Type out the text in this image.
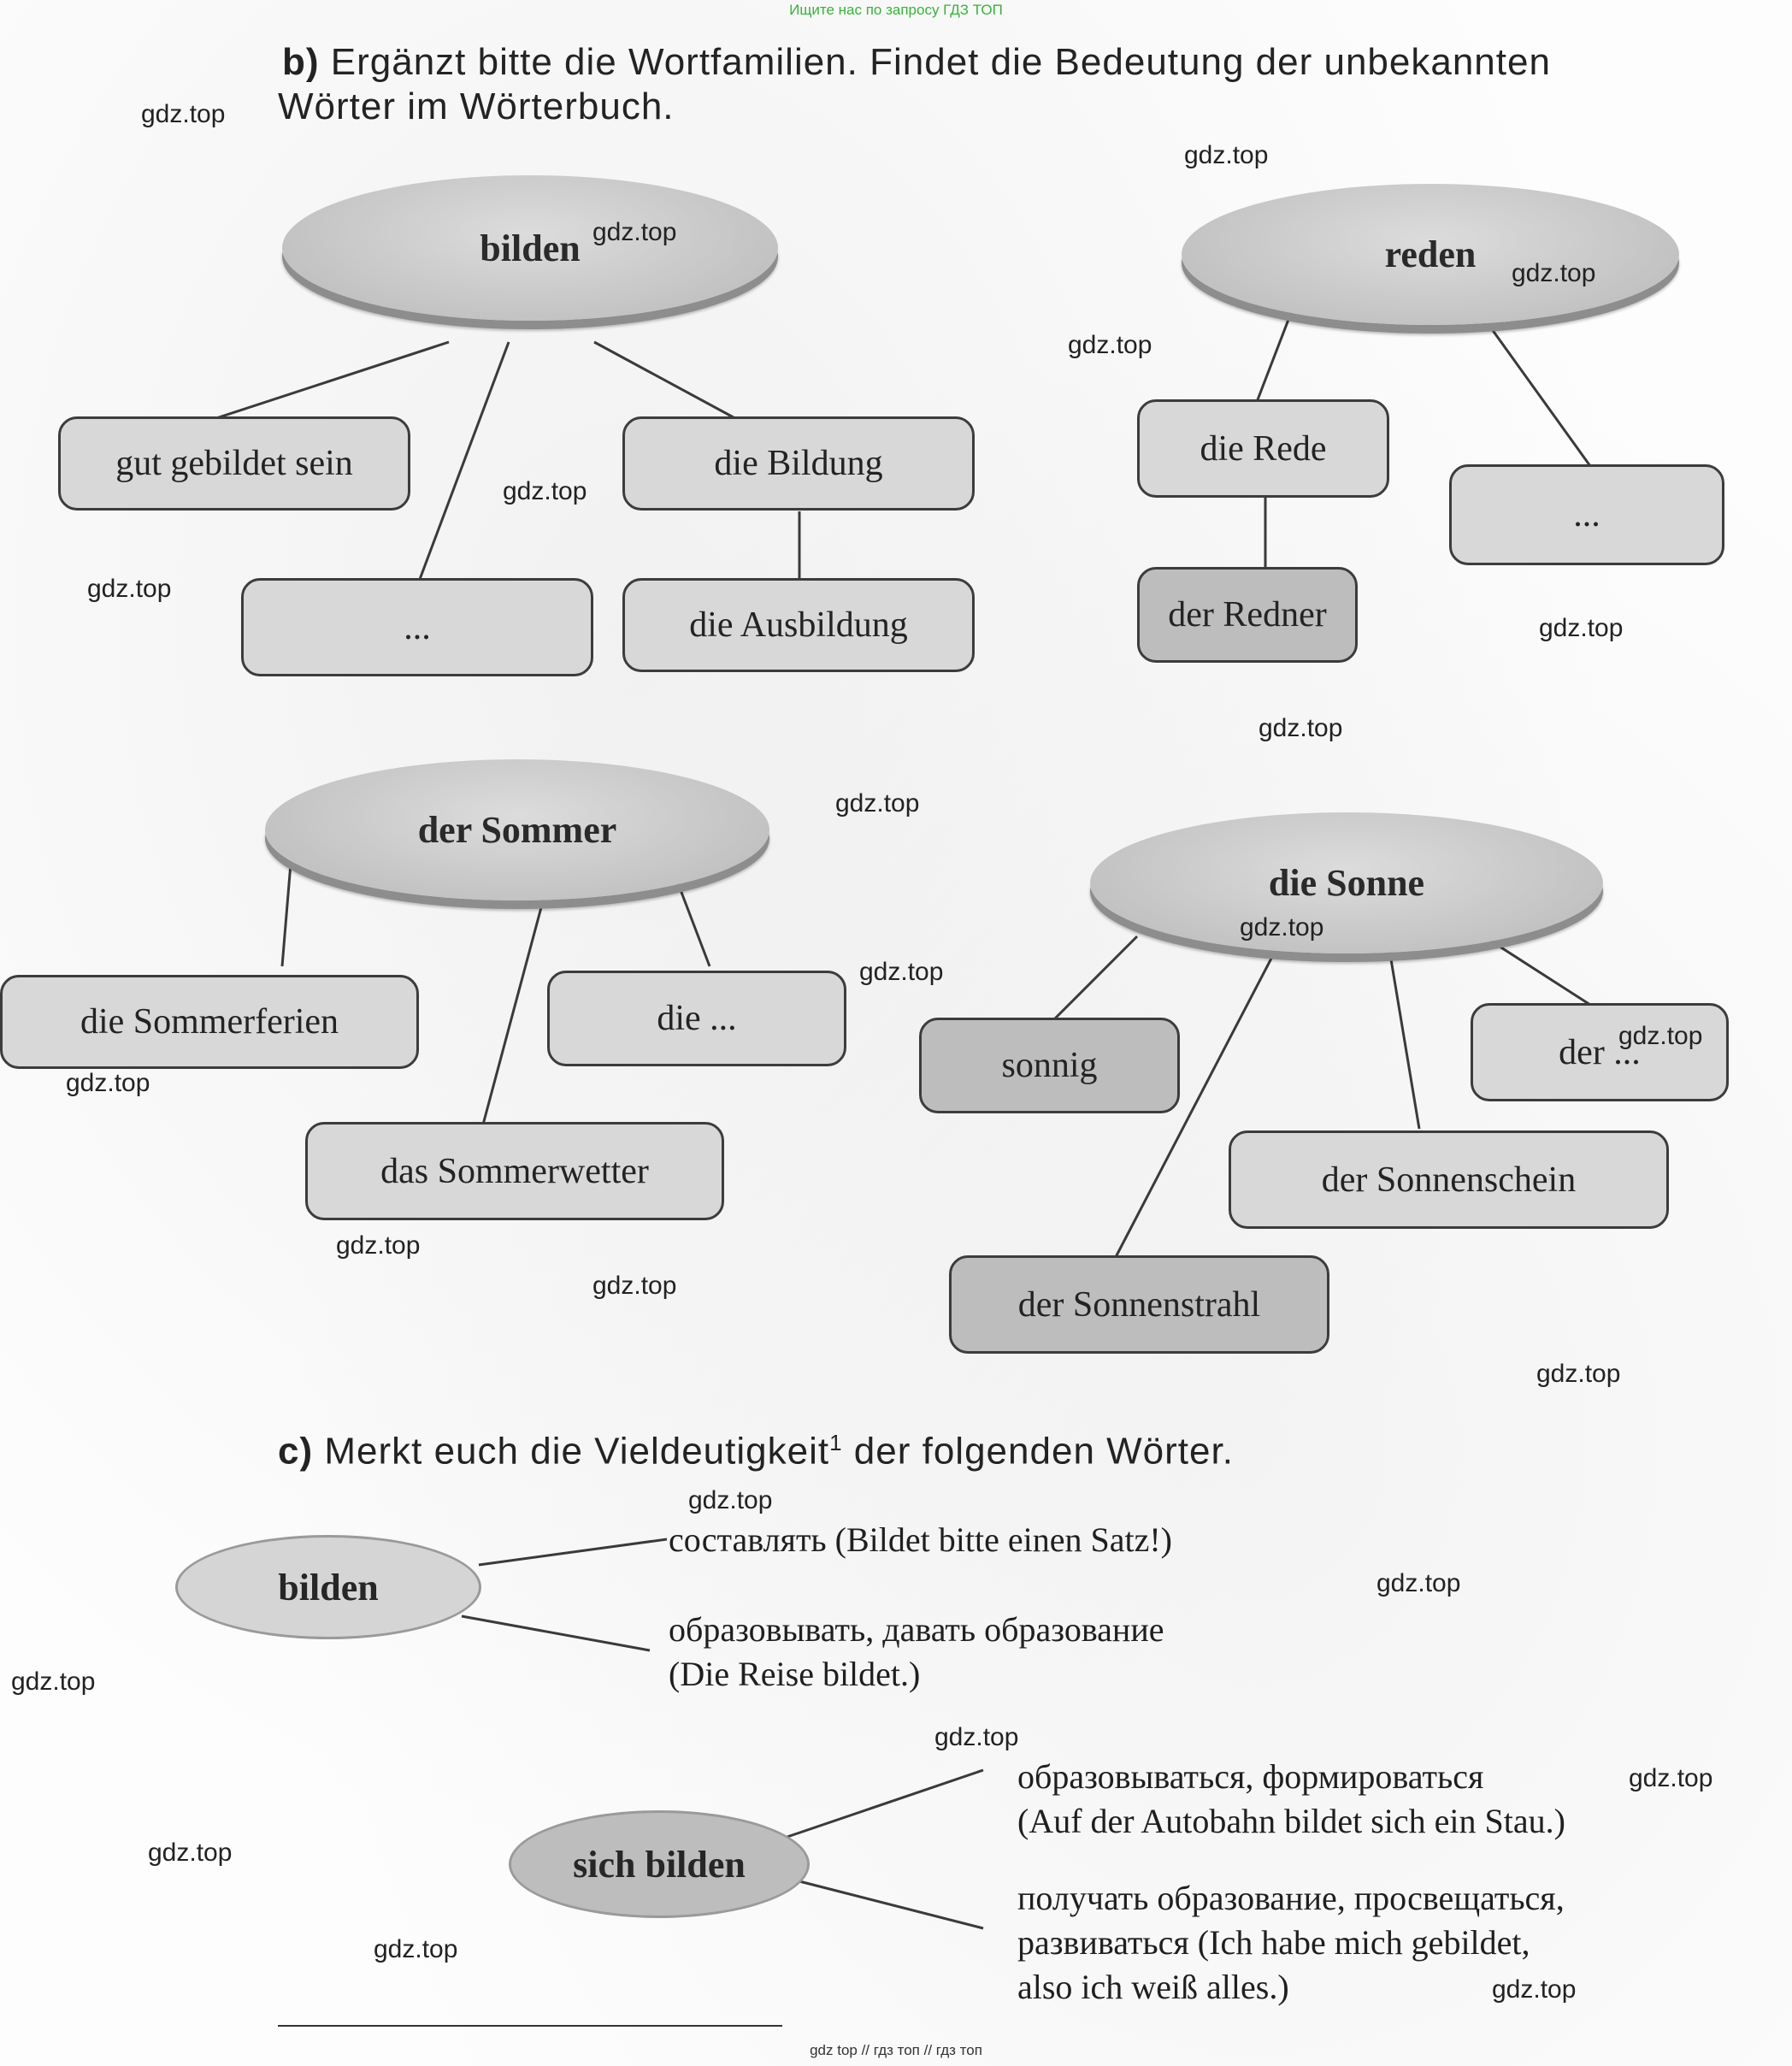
Ищите нас по запросу ГДЗ ТОП
b) Ergänzt bitte die Wortfamilien. Findet die Bedeutung der unbekannten
Wörter im Wörterbuch.
bilden
gut gebildet sein	die Bildung
...	die Ausbildung
reden
die Rede
...
der Redner
der Sommer
die Sommerferien	die ...
das Sommerwetter
die Sonne
sonnig	der ...
der Sonnenschein
der Sonnenstrahl
c) Merkt euch die Vieldeutigkeit$^1$ der folgenden Wörter.
bilden
составлять (Bildet bitte einen Satz!)
образовывать, давать образование
(Die Reise bildet.)
sich bilden
образовываться, формироваться
(Auf der Autobahn bildet sich ein Stau.)
получать образование, просвещаться,
развиваться (Ich habe mich gebildet,
also ich weiß alles.)
gdz.top
gdz.top
gdz.top
gdz.top
gdz.top
gdz.top
gdz.top
gdz.top
gdz.top
gdz.top
gdz.top
gdz.top
gdz.top
gdz.top
gdz.top
gdz.top
gdz.top
gdz.top
gdz.top
gdz.top
gdz.top
gdz.top
gdz.top
gdz.top
gdz.top
gdz top // гдз топ // гдз топ
